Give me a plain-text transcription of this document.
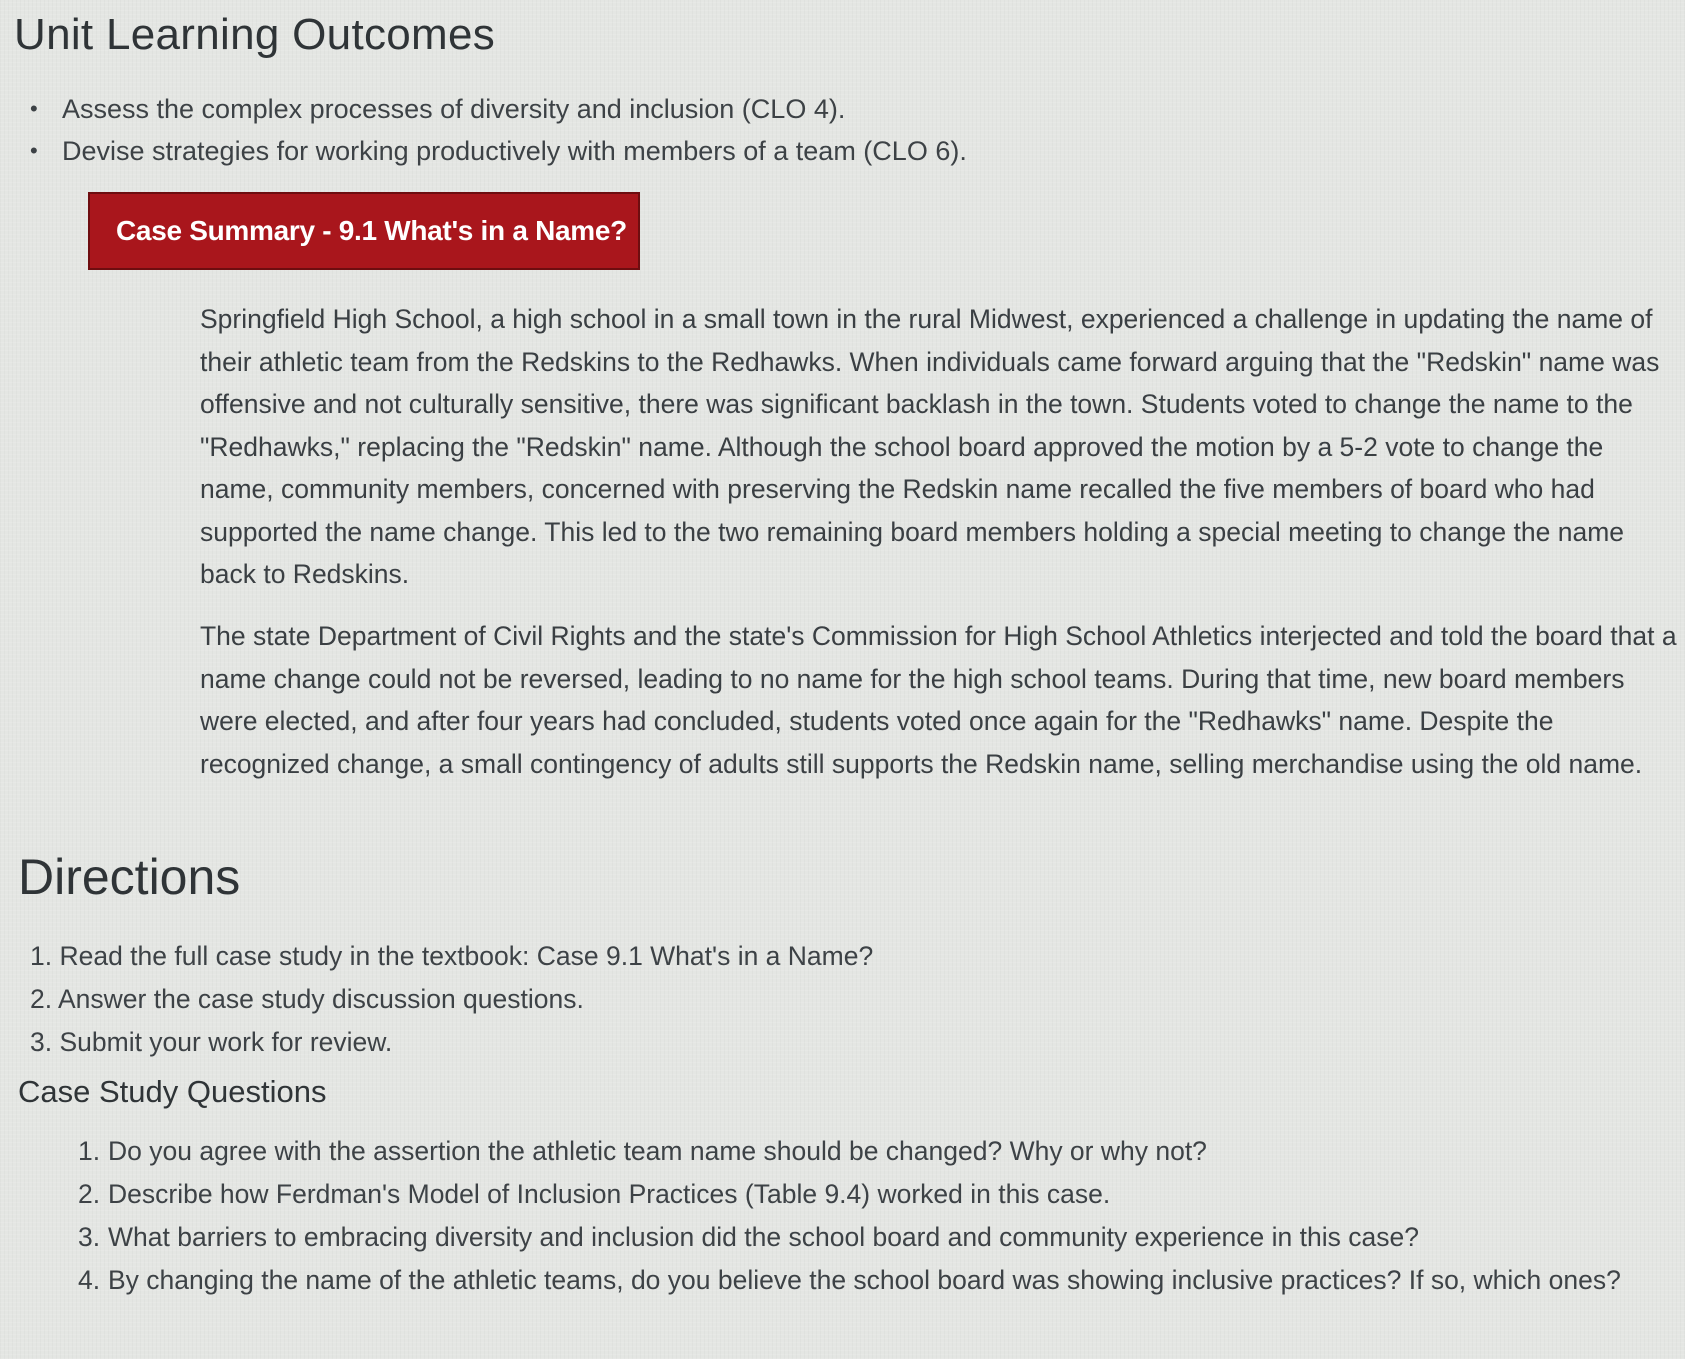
Unit Learning Outcomes
• Assess the complex processes of diversity and inclusion (CLO 4).
• Devise strategies for working productively with members of a team (CLO 6).
Case Summary - 9.1 What's in a Name?

Springfield High School, a high school in a small town in the rural Midwest, experienced a challenge in updating the name of their athletic team from the Redskins to the Redhawks. When individuals came forward arguing that the "Redskin" name was offensive and not culturally sensitive, there was significant backlash in the town. Students voted to change the name to the "Redhawks," replacing the "Redskin" name. Although the school board approved the motion by a 5-2 vote to change the name, community members, concerned with preserving the Redskin name recalled the five members of board who had supported the name change. This led to the two remaining board members holding a special meeting to change the name back to Redskins.

The state Department of Civil Rights and the state's Commission for High School Athletics interjected and told the board that a name change could not be reversed, leading to no name for the high school teams. During that time, new board members were elected, and after four years had concluded, students voted once again for the "Redhawks" name. Despite the recognized change, a small contingency of adults still supports the Redskin name, selling merchandise using the old name.

Directions
1. Read the full case study in the textbook: Case 9.1 What's in a Name?
2. Answer the case study discussion questions.
3. Submit your work for review.
Case Study Questions
1. Do you agree with the assertion the athletic team name should be changed? Why or why not?
2. Describe how Ferdman's Model of Inclusion Practices (Table 9.4) worked in this case.
3. What barriers to embracing diversity and inclusion did the school board and community experience in this case?
4. By changing the name of the athletic teams, do you believe the school board was showing inclusive practices? If so, which ones?
